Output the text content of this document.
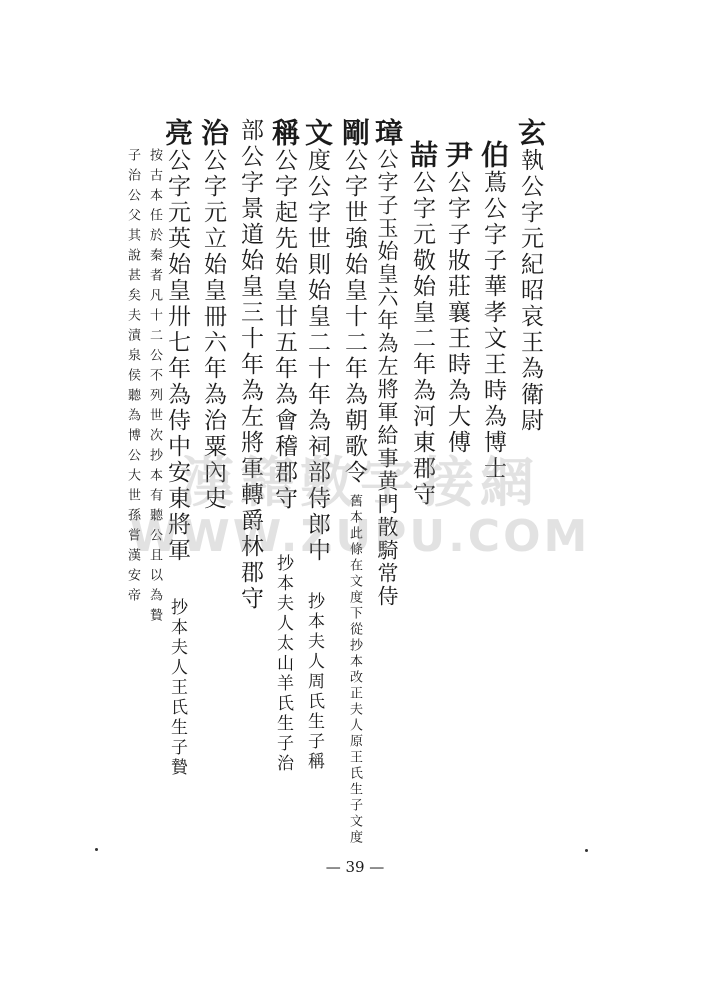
玄執公字元紀昭哀王為衛尉
伯蔦公字子華孝文王時為博士
尹公字子妝莊襄王時為大傅
喆公字元敬始皇二年為河東郡守
璋公字子玉始皇六年為左將軍給事黄門散騎常侍
剛公字世強始皇十二年為朝歌令
舊本此條在文度下從抄本改正夫人原王氏生子文度
文度公字世則始皇二十年為祠部侍郎中
抄本夫人周氏生子稱
稱公字起先始皇廿五年為會稽郡守
抄本夫人太山羊氏生子治
部公字景道始皇三十年為左將軍轉爵林郡守
治公字元立始皇冊六年為治粟內史
亮公字元英始皇卅七年為侍中安東將軍
抄本夫人王氏生子贄
按古本任於秦者凡十二公不列世次抄本有聽公且以為贄
子治公父其說甚矣夫漬泉侯聽為博公大世孫嘗漢安帝 漢籍數字接網
WWW.ZUPU.COM
— 39 —
